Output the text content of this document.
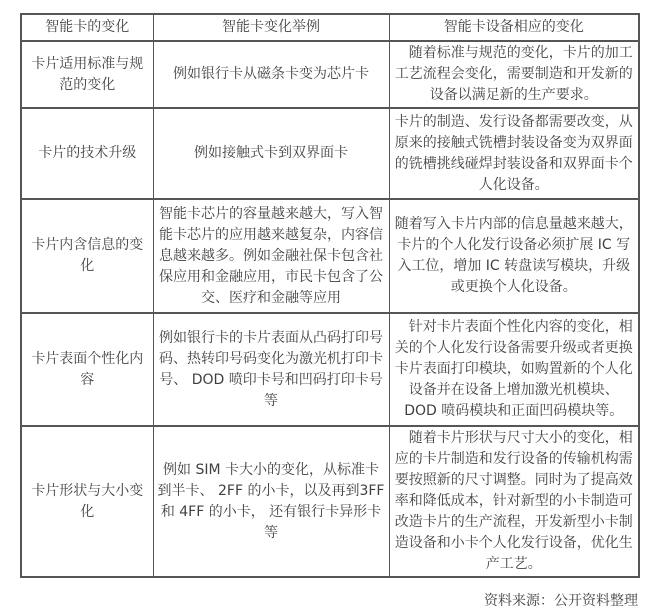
智能卡的变化	智能卡变化举例	智能卡设备相应的变化
卡片适用标准与规范的变化	例如银行卡从磁条卡变为芯片卡	　随着标准与规范的变化，卡片的加工工艺流程会变化，需要制造和开发新的设备以满足新的生产要求。
卡片的技术升级	例如接触式卡到双界面卡	卡片的制造、发行设备都需要改变，从原来的接触式铣槽封装设备变为双界面的铣槽挑线碰焊封装设备和双界面卡个人化设备。
卡片内含信息的变化	智能卡芯片的容量越来越大，写入智能卡芯片的应用越来越复杂，内容信息越来越多。例如金融社保卡包含社保应用和金融应用，市民卡包含了公交、医疗和金融等应用	随着写入卡片内部的信息量越来越大，卡片的个人化发行设备必须扩展 IC 写入工位，增加 IC 转盘读写模块，升级或更换个人化设备。
卡片表面个性化内容	例如银行卡的卡片表面从凸码打印号码、热转印号码变化为激光机打印卡号、 DOD 喷印卡号和凹码打印卡号等	　针对卡片表面个性化内容的变化，相关的个人化发行设备需要升级或者更换卡片表面打印模块，如购置新的个人化设备并在设备上增加激光机模块、DOD 喷码模块和正面凹码模块等。
卡片形状与大小变化	例如 SIM 卡大小的变化，从标准卡到半卡、 2FF 的小卡，以及再到3FF 和 4FF 的小卡， 还有银行卡异形卡等	　随着卡片形状与尺寸大小的变化，相应的卡片制造和发行设备的传输机构需要按照新的尺寸调整。同时为了提高效率和降低成本，针对新型的小卡制造可改造卡片的生产流程，开发新型小卡制造设备和小卡个人化发行设备，优化生产工艺。
资料来源：公开资料整理
